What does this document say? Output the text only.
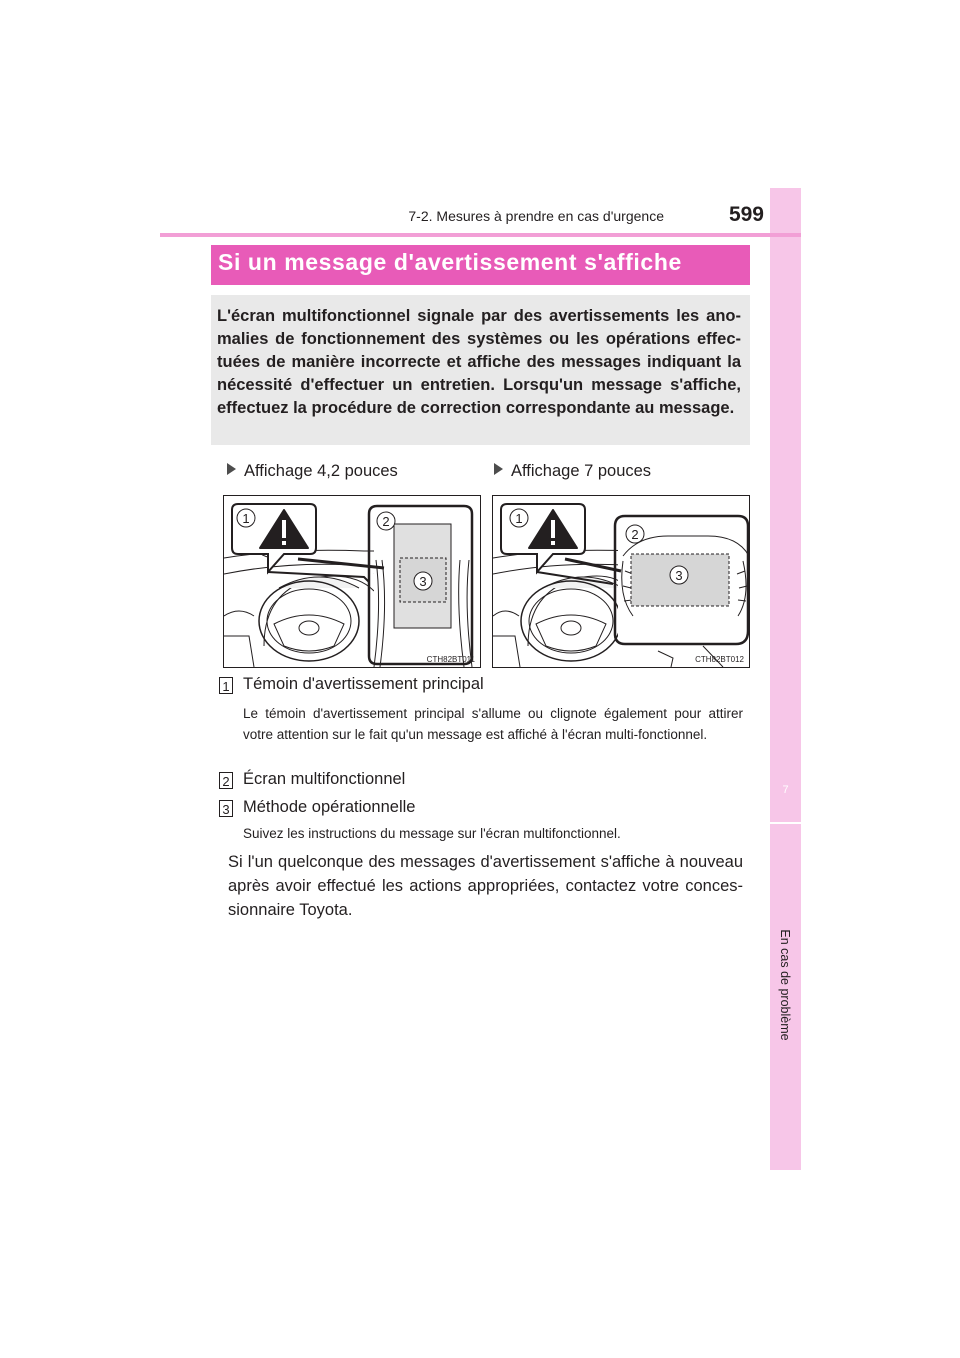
7
En cas de problème
7-2. Mesures à prendre en cas d'urgence	599
Si un message d'avertissement s'affiche
L'écran multifonctionnel signale par des avertissements les ano-malies de fonctionnement des systèmes ou les opérations effec-tuées de manière incorrecte et affiche des messages indiquant la nécessité d'effectuer un entretien. Lorsqu'un message s'affiche, effectuez la procédure de correction correspondante au message.
Affichage 4,2 pouces	Affichage 7 pouces
1	2
3
CTH82BT011
1
2
3
CTH82BT012
1 Témoin d'avertissement principal
Le témoin d'avertissement principal s'allume ou clignote également pour attirer votre attention sur le fait qu'un message est affiché à l'écran multi-fonctionnel.
2 Écran multifonctionnel
3 Méthode opérationnelle
Suivez les instructions du message sur l'écran multifonctionnel.
Si l'un quelconque des messages d'avertissement s'affiche à nouveau après avoir effectué les actions appropriées, contactez votre conces-sionnaire Toyota.
